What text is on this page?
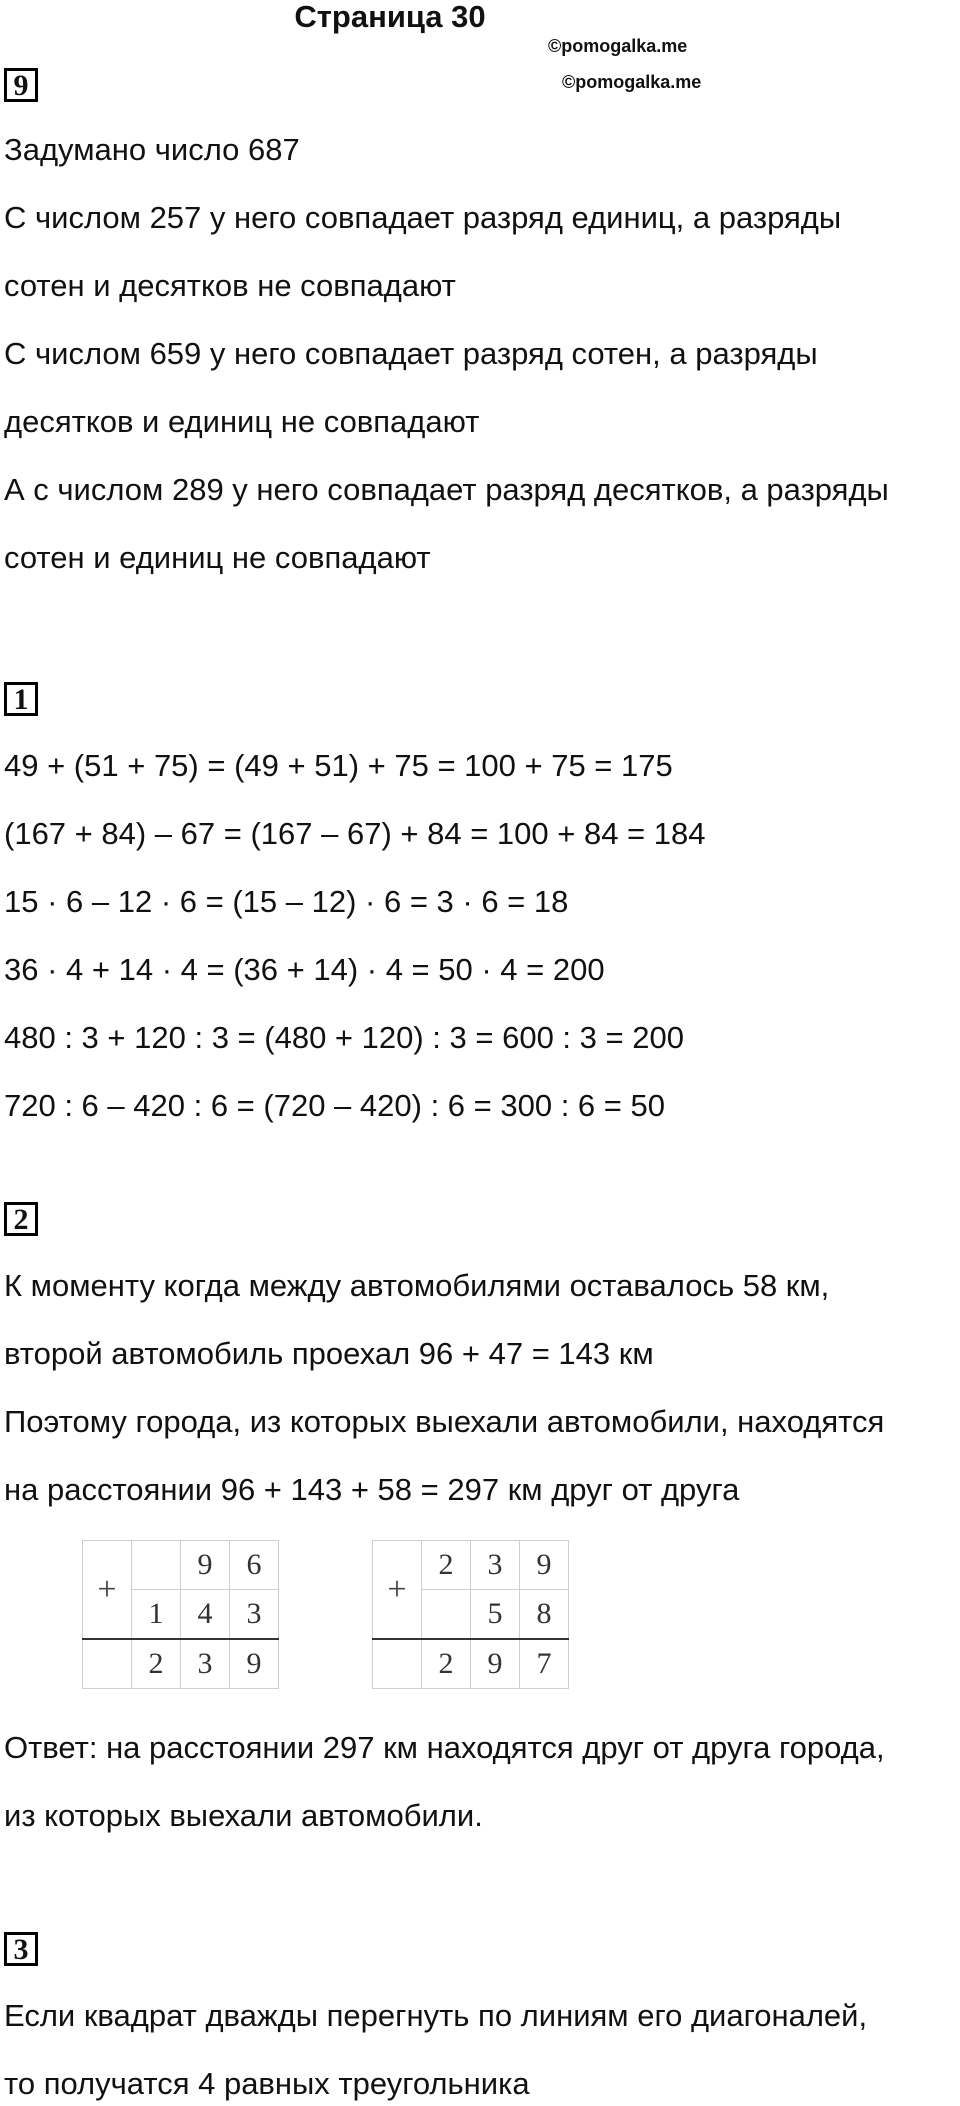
Страница 30
©pomogalka.me
©pomogalka.me
9
Задумано число 687
С числом 257 у него совпадает разряд единиц, а разряды
сотен и десятков не совпадают
С числом 659 у него совпадает разряд сотен, а разряды
десятков и единиц не совпадают
А с числом 289 у него совпадает разряд десятков, а разряды
сотен и единиц не совпадают
1
49 + (51 + 75) = (49 + 51) + 75 = 100 + 75 = 175
(167 + 84) – 67 = (167 – 67) + 84 = 100 + 84 = 184
15 · 6 – 12 · 6 = (15 – 12) · 6 = 3 · 6 = 18
36 · 4 + 14 · 4 = (36 + 14) · 4 = 50 · 4 = 200
480 : 3 + 120 : 3 = (480 + 120) : 3 = 600 : 3 = 200
720 : 6 – 420 : 6 = (720 – 420) : 6 = 300 : 6 = 50
2
К моменту когда между автомобилями оставалось 58 км,
второй автомобиль проехал 96 + 47 = 143 км
Поэтому города, из которых выехали автомобили, находятся
на расстоянии 96 + 143 + 58 = 297 км друг от друга
+		9	6
	1	4	3
	2	3	9
+	2	3	9
		5	8
	2	9	7
Ответ: на расстоянии 297 км находятся друг от друга города,
из которых выехали автомобили.
3
Если квадрат дважды перегнуть по линиям его диагоналей,
то получатся 4 равных треугольника
